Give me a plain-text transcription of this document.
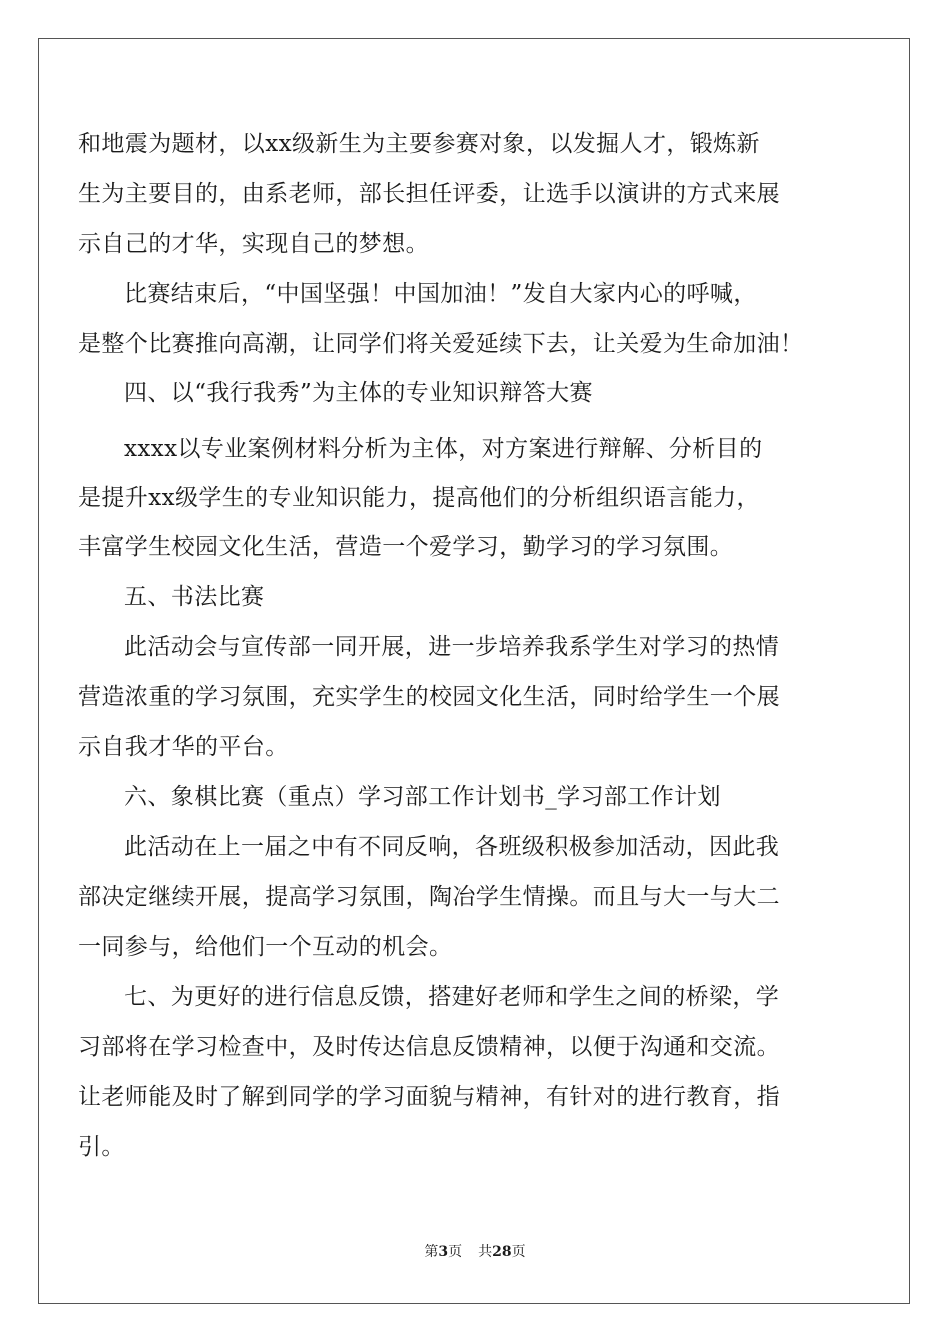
和地震为题材，以xx级新生为主要参赛对象，以发掘人才，锻炼新
生为主要目的，由系老师，部长担任评委，让选手以演讲的方式来展
示自己的才华，实现自己的梦想。
比赛结束后，“中国坚强！中国加油！”发自大家内心的呼喊，
是整个比赛推向高潮，让同学们将关爱延续下去，让关爱为生命加油！
四、以“我行我秀”为主体的专业知识辩答大赛
xxxx以专业案例材料分析为主体，对方案进行辩解、分析目的
是提升xx级学生的专业知识能力，提高他们的分析组织语言能力，
丰富学生校园文化生活，营造一个爱学习，勤学习的学习氛围。
五、书法比赛
此活动会与宣传部一同开展，进一步培养我系学生对学习的热情
营造浓重的学习氛围，充实学生的校园文化生活，同时给学生一个展
示自我才华的平台。
六、象棋比赛（重点）学习部工作计划书_学习部工作计划
此活动在上一届之中有不同反响，各班级积极参加活动，因此我
部决定继续开展，提高学习氛围，陶冶学生情操。而且与大一与大二
一同参与，给他们一个互动的机会。
七、为更好的进行信息反馈，搭建好老师和学生之间的桥梁，学
习部将在学习检查中，及时传达信息反馈精神，以便于沟通和交流。
让老师能及时了解到同学的学习面貌与精神，有针对的进行教育，指
引。
第3页 共28页
